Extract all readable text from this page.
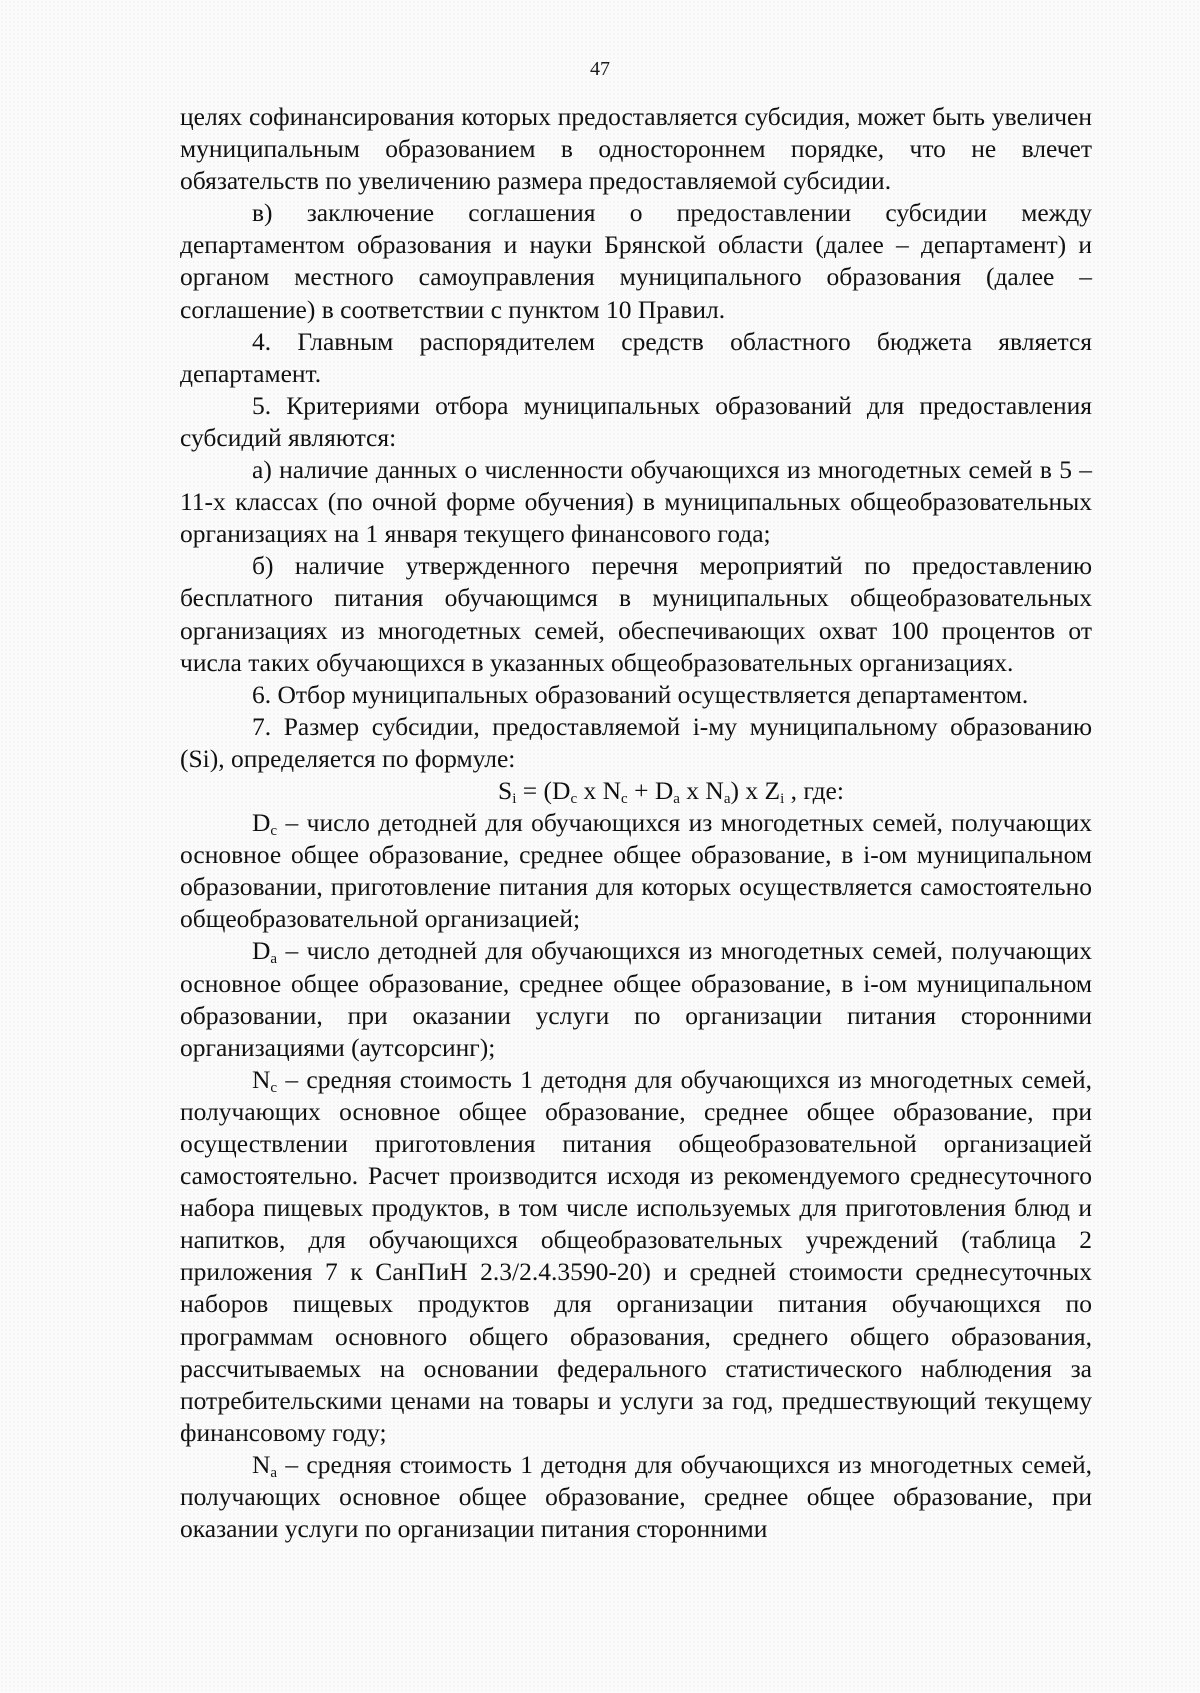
47

целях софинансирования которых предоставляется субсидия, может быть увеличен муниципальным образованием в одностороннем порядке, что не влечет обязательств по увеличению размера предоставляемой субсидии.

в) заключение соглашения о предоставлении субсидии между департаментом образования и науки Брянской области (далее – департамент) и органом местного самоуправления муниципального образования (далее – соглашение) в соответствии с пунктом 10 Правил.

4. Главным распорядителем средств областного бюджета является департамент.

5. Критериями отбора муниципальных образований для предоставления субсидий являются:

а) наличие данных о численности обучающихся из многодетных семей в 5 – 11-х классах (по очной форме обучения) в муниципальных общеобразовательных организациях на 1 января текущего финансового года;

б) наличие утвержденного перечня мероприятий по предоставлению бесплатного питания обучающимся в муниципальных общеобразовательных организациях из многодетных семей, обеспечивающих охват 100 процентов от числа таких обучающихся в указанных общеобразовательных организациях.

6. Отбор муниципальных образований осуществляется департаментом.

7. Размер субсидии, предоставляемой i-му муниципальному образованию (Si), определяется по формуле:

$S_i = (D_c$ x $N_c + D_a$ x $N_a$) x $Z_i$ , где:

$D_c$ – число детодней для обучающихся из многодетных семей, получающих основное общее образование, среднее общее образование, в i-ом муниципальном образовании, приготовление питания для которых осуществляется самостоятельно общеобразовательной организацией;

$D_a$ – число детодней для обучающихся из многодетных семей, получающих основное общее образование, среднее общее образование, в i-ом муниципальном образовании, при оказании услуги по организации питания сторонними организациями (аутсорсинг);

$N_c$ – средняя стоимость 1 детодня для обучающихся из многодетных семей, получающих основное общее образование, среднее общее образование, при осуществлении приготовления питания общеобразовательной организацией самостоятельно. Расчет производится исходя из рекомендуемого среднесуточного набора пищевых продуктов, в том числе используемых для приготовления блюд и напитков, для обучающихся общеобразовательных учреждений (таблица 2 приложения 7 к СанПиН 2.3/2.4.3590-20) и средней стоимости среднесуточных наборов пищевых продуктов для организации питания обучающихся по программам основного общего образования, среднего общего образования, рассчитываемых на основании федерального статистического наблюдения за потребительскими ценами на товары и услуги за год, предшествующий текущему финансовому году;

$N_a$ – средняя стоимость 1 детодня для обучающихся из многодетных семей, получающих основное общее образование, среднее общее образование, при оказании услуги по организации питания сторонними
